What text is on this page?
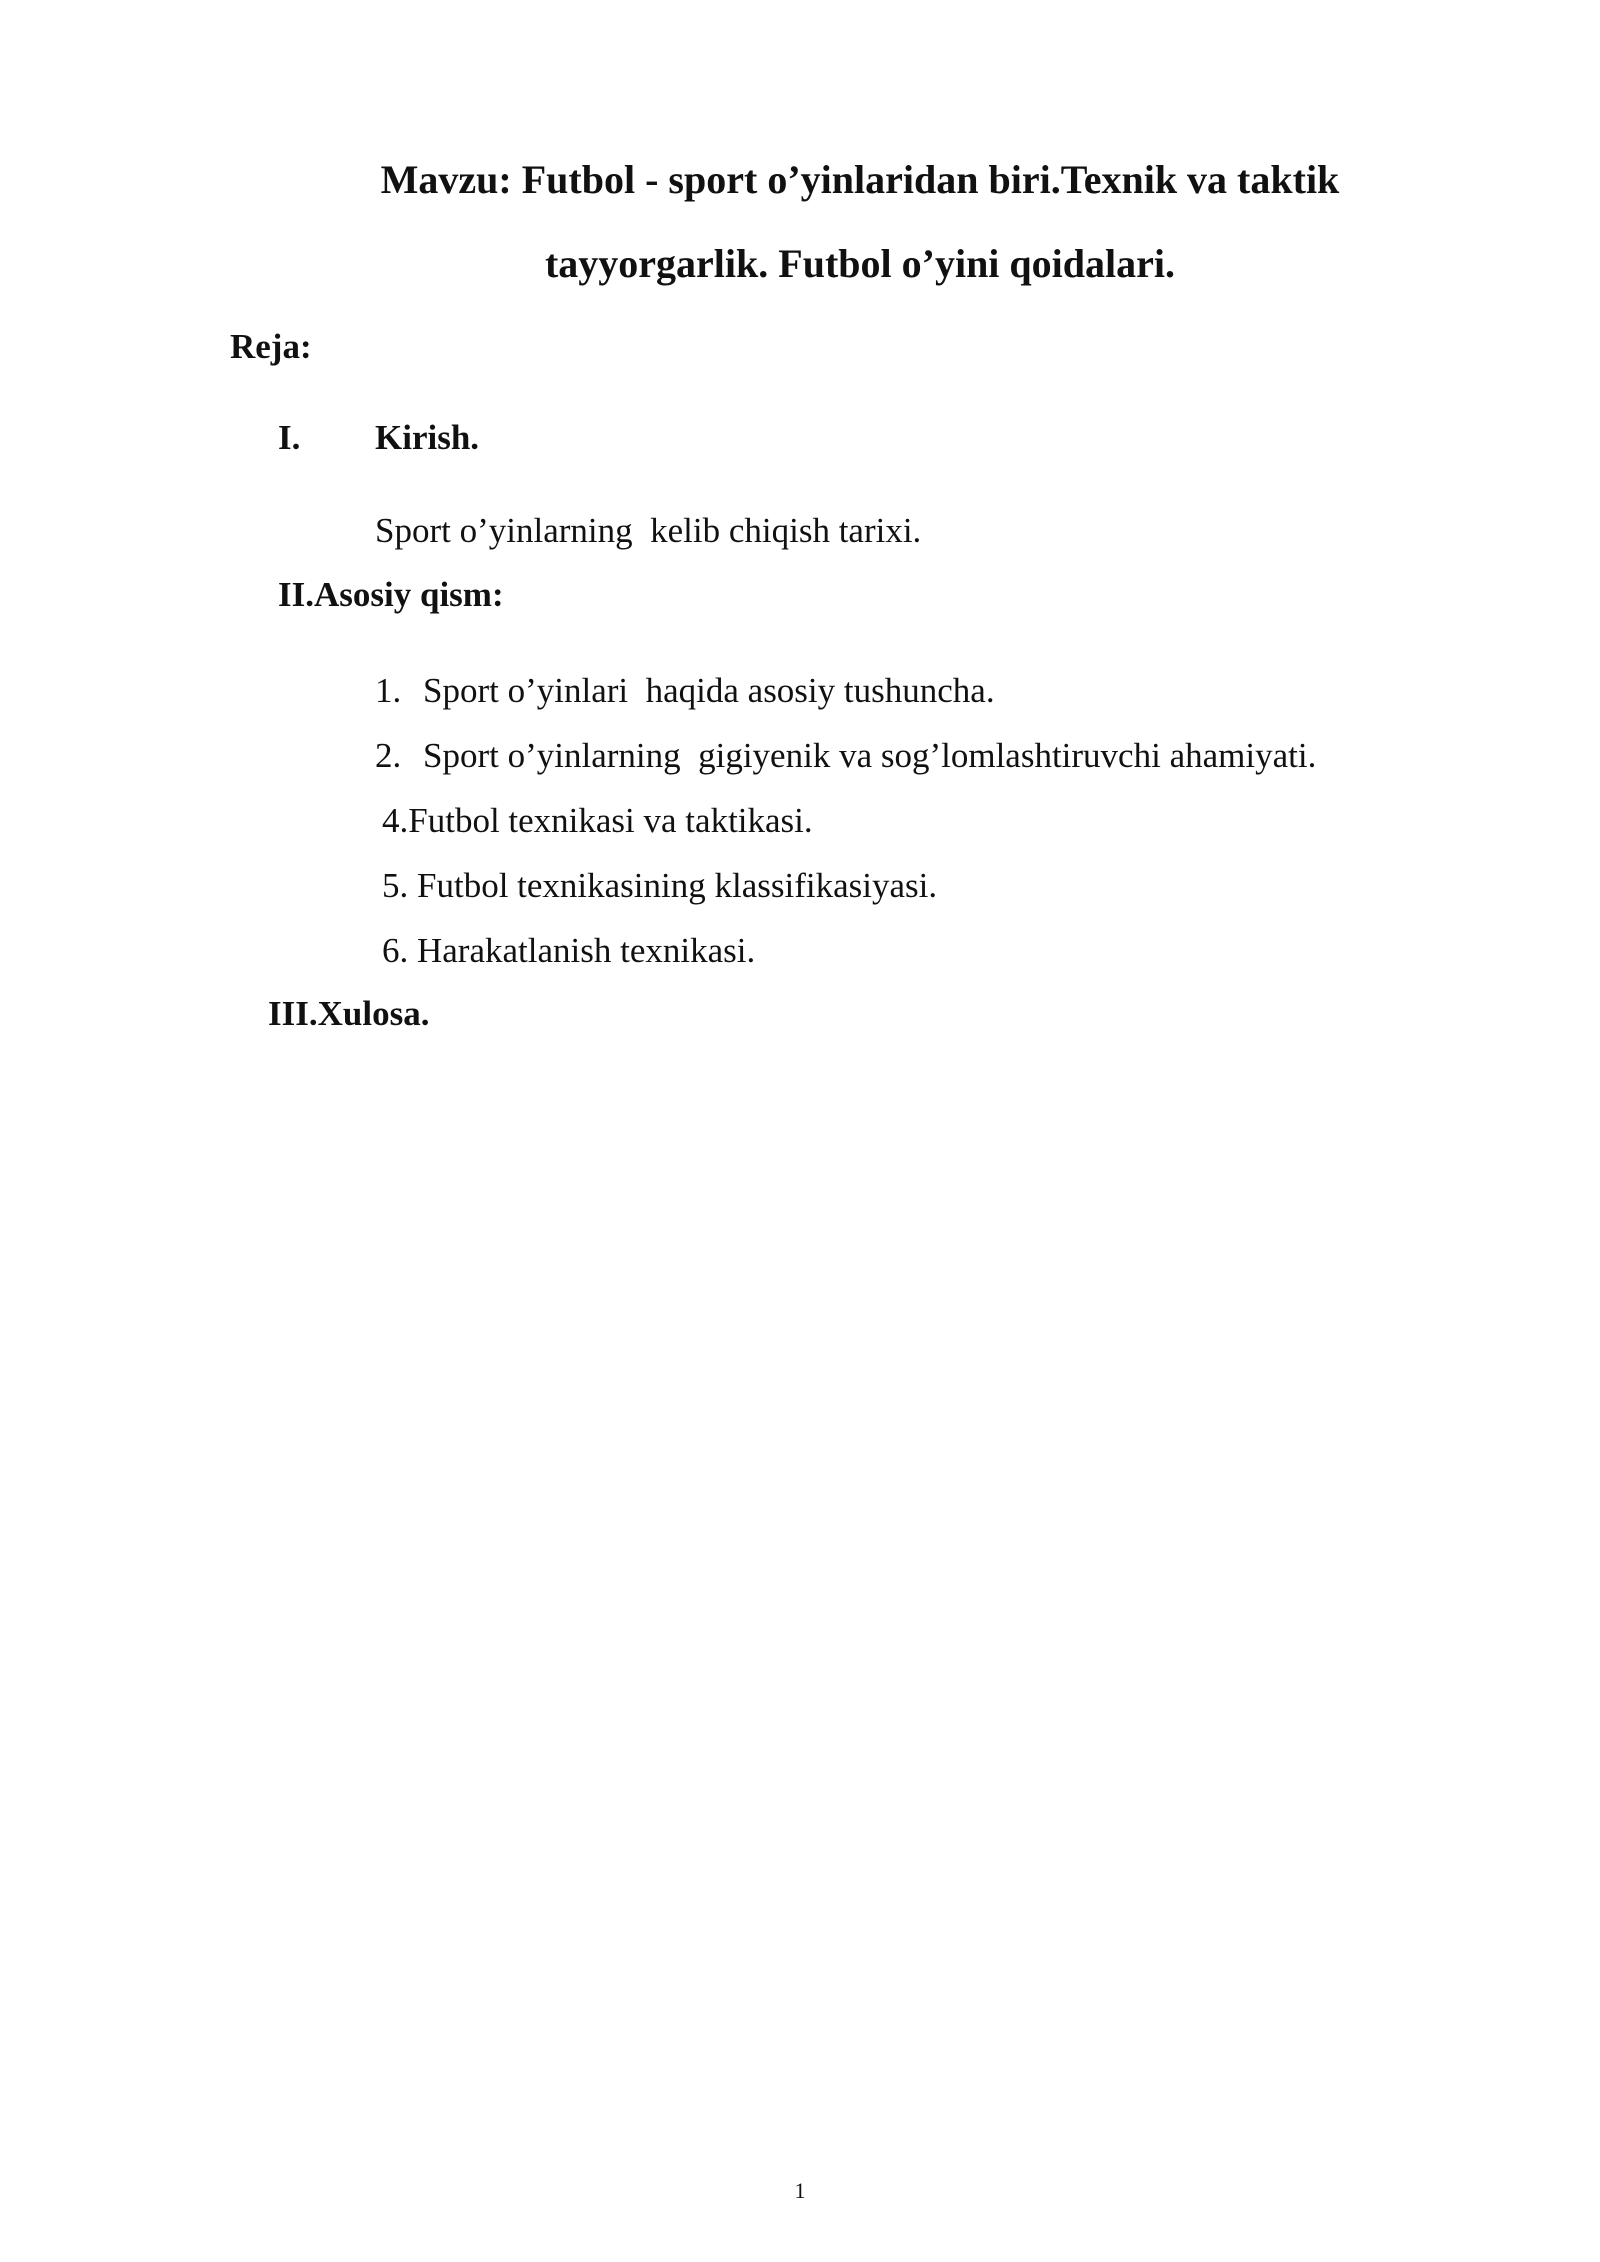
Mavzu: Futbol - sport o’yinlaridan biri.Texnik va taktik
tayyorgarlik. Futbol o’yini qoidalari.

Reja:

I. Kirish.

Sport o’yinlarning  kelib chiqish tarixi.

II.Asosiy qism:

1. Sport o’yinlari  haqida asosiy tushuncha.

2. Sport o’yinlarning  gigiyenik va sog’lomlashtiruvchi ahamiyati.

4.Futbol texnikasi va taktikasi.

5. Futbol texnikasining klassifikasiyasi.

6. Harakatlanish texnikasi.

III.Xulosa.

1
